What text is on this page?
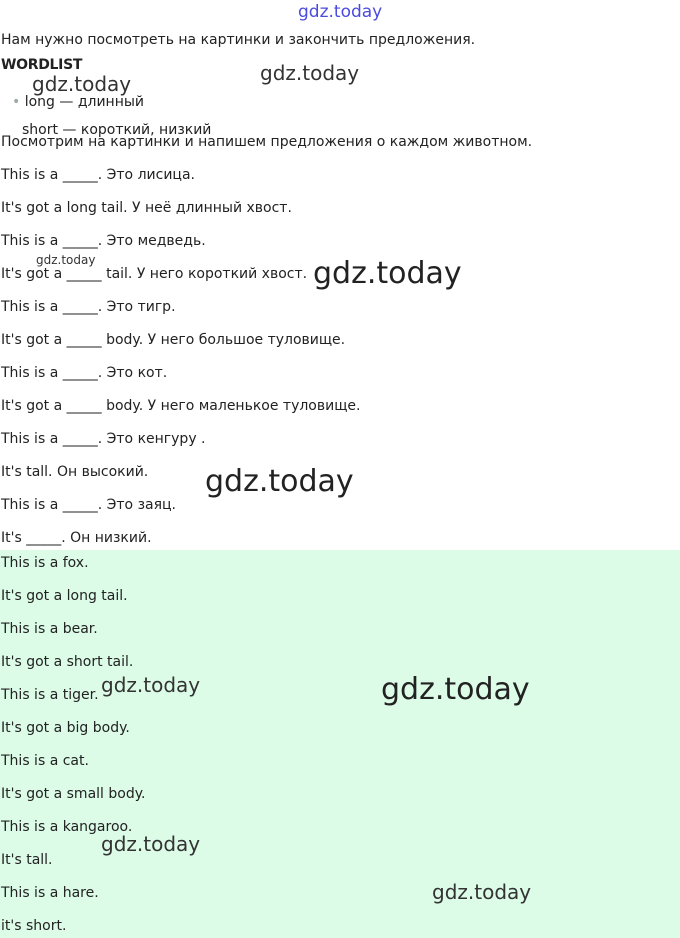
gdz.today
Нам нужно посмотреть на картинки и закончить предложения.
WORDLIST
• long — длинный
short — короткий, низкий
Посмотрим на картинки и напишем предложения о каждом животном.
This is a _____. Это лисица.
It's got a long tail. У неё длинный хвост.
This is a _____. Это медведь.
It's got a _____ tail. У него короткий хвост.
This is a _____. Это тигр.
It's got a _____ body. У него большое туловище.
This is a _____. Это кот.
It's got a _____ body. У него маленькое туловище.
This is a _____. Это кенгуру .
It's tall. Он высокий.
This is a _____. Это заяц.
It's _____. Он низкий.
This is a fox.
It's got a long tail.
This is a bear.
It's got a short tail.
This is a tiger.
It's got a big body.
This is a cat.
It's got a small body.
This is a kangaroo.
It's tall.
This is a hare.
it's short.
gdz.today	gdz.today
gdz.today	gdz.today
gdz.today
gdz.today	gdz.today
gdz.today
gdz.today
